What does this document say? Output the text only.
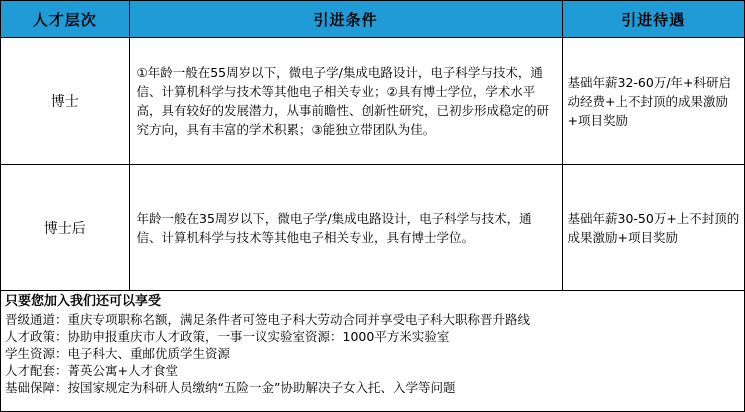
人才层次	引进条件	引进待遇
博士	①年龄一般在55周岁以下，微电子学/集成电路设计，电子科学与技术，通信、计算机科学与技术等其他电子相关专业；②具有博士学位，学术水平高，具有较好的发展潜力，从事前瞻性、创新性研究，已初步形成稳定的研究方向，具有丰富的学术积累；③能独立带团队为佳。	基础年薪32-60万/年+科研启动经费+上不封顶的成果激励+项目奖励
博士后	年龄一般在35周岁以下，微电子学/集成电路设计，电子科学与技术，通信、计算机科学与技术等其他电子相关专业，具有博士学位。	基础年薪30-50万+上不封顶的成果激励+项目奖励
只要您加入我们还可以享受
晋级通道：重庆专项职称名额，满足条件者可签电子科大劳动合同并享受电子科大职称晋升路线
人才政策：协助申报重庆市人才政策，一事一议实验室资源：1000平方米实验室
学生资源：电子科大、重邮优质学生资源
人才配套：菁英公寓+人才食堂
基础保障：按国家规定为科研人员缴纳“五险一金”协助解决子女入托、入学等问题
